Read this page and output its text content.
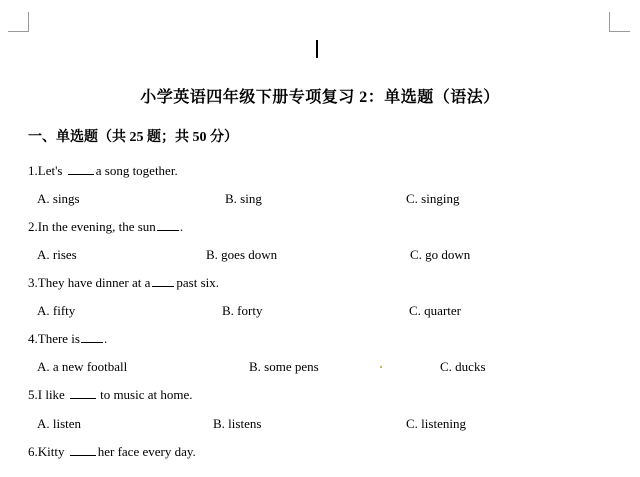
小学英语四年级下册专项复习 2：单选题（语法）
一、单选题（共 25 题；共 50 分）
1.Let's a song together.
A. sings	B. sing	C. singing
2.In the evening, the sun .
A. rises	B. goes down	C. go down
3.They have dinner at a past six.
A. fifty	B. forty	C. quarter
4.There is .
A. a new football	B. some pens	C. ducks
5.I like to music at home.
A. listen	B. listens	C. listening
6.Kitty her face every day.
